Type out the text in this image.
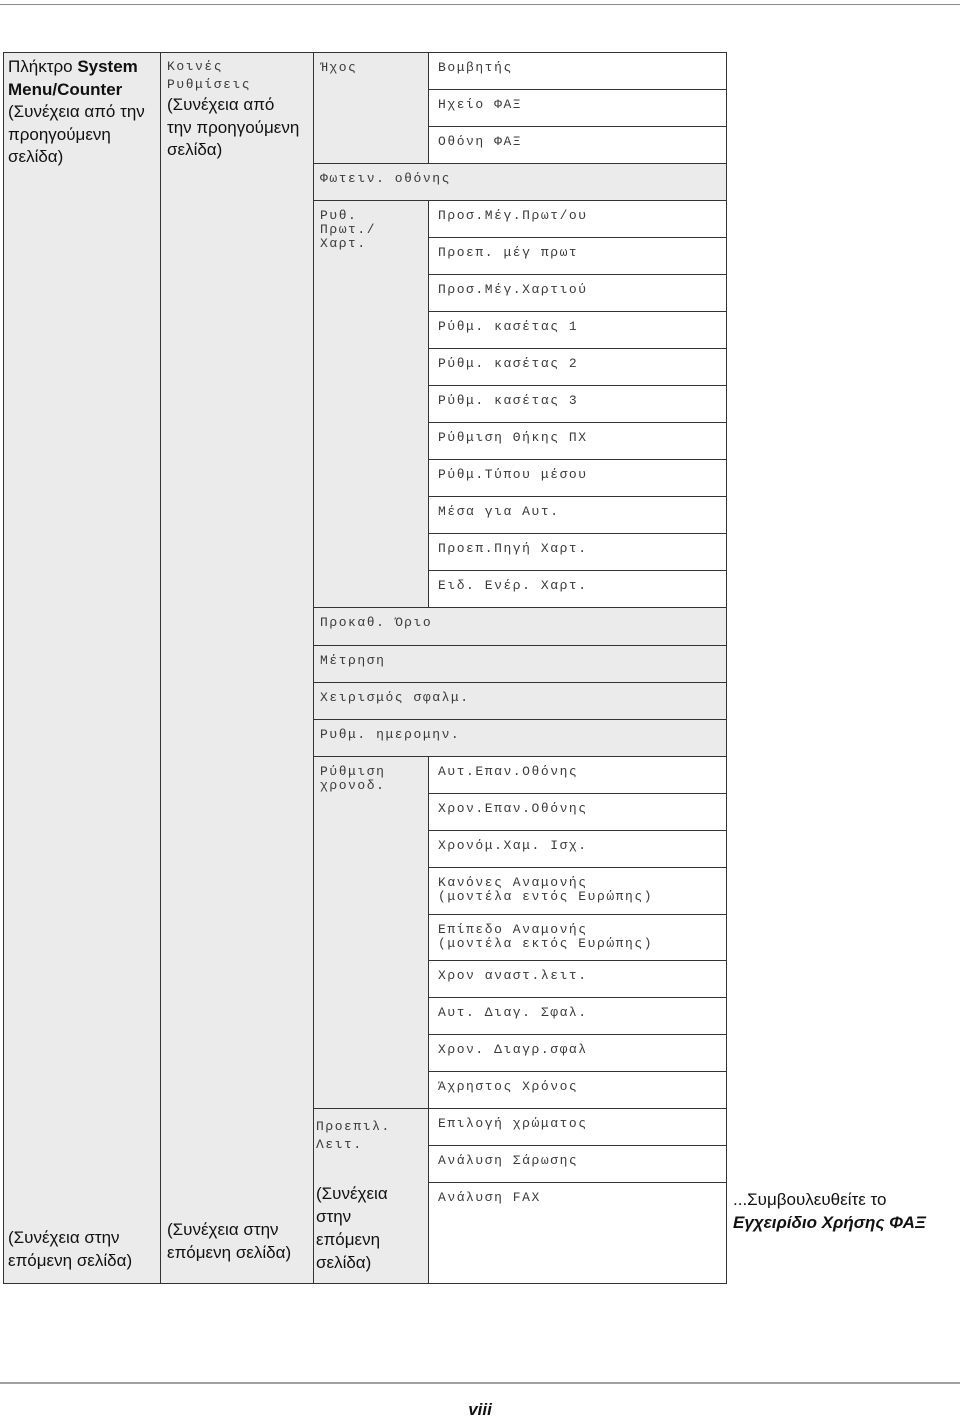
Πλήκτρο System Menu/Counter
(Συνέχεια από την προηγούμενη σελίδα)
(Συνέχεια στην επόμενη σελίδα)
Κοινές Ρυθμίσεις
(Συνέχεια από την προηγούμενη σελίδα)
(Συνέχεια στην επόμενη σελίδα)
Ήχος
Φωτειν. οθόνης
Ρυθ. Πρωτ./Χαρτ.
Προκαθ. Όριο
Μέτρηση
Χειρισμός σφαλμ.
Ρυθμ. ημερομην.
Ρύθμιση χρονοδ.
Προεπιλ. Λειτ.
(Συνέχεια στην επόμενη σελίδα)
Βομβητής
Ηχείο ΦΑΞ
Οθόνη ΦΑΞ
Προσ.Μέγ.Πρωτ/ου
Προεπ. μέγ πρωτ
Προσ.Μέγ.Χαρτιού
Ρύθμ. κασέτας 1
Ρύθμ. κασέτας 2
Ρύθμ. κασέτας 3
Ρύθμιση Θήκης ΠΧ
Ρύθμ.Τύπου μέσου
Μέσα για Αυτ.
Προεπ.Πηγή Χαρτ.
Ειδ. Ενέρ. Χαρτ.
Αυτ.Επαν.Οθόνης
Χρον.Επαν.Οθόνης
Χρονόμ.Χαμ. Ισχ.
Κανόνες Αναμονής (μοντέλα εντός Ευρώπης)
Επίπεδο Αναμονής (μοντέλα εκτός Ευρώπης)
Χρον αναστ.λειτ.
Αυτ. Διαγ. Σφαλ.
Χρον. Διαγρ.σφαλ
Άχρηστος Χρόνος
Επιλογή χρώματος
Ανάλυση Σάρωσης
Ανάλυση FAX	...Συμβουλευθείτε το Εγχειρίδιο Χρήσης ΦΑΞ
viii
